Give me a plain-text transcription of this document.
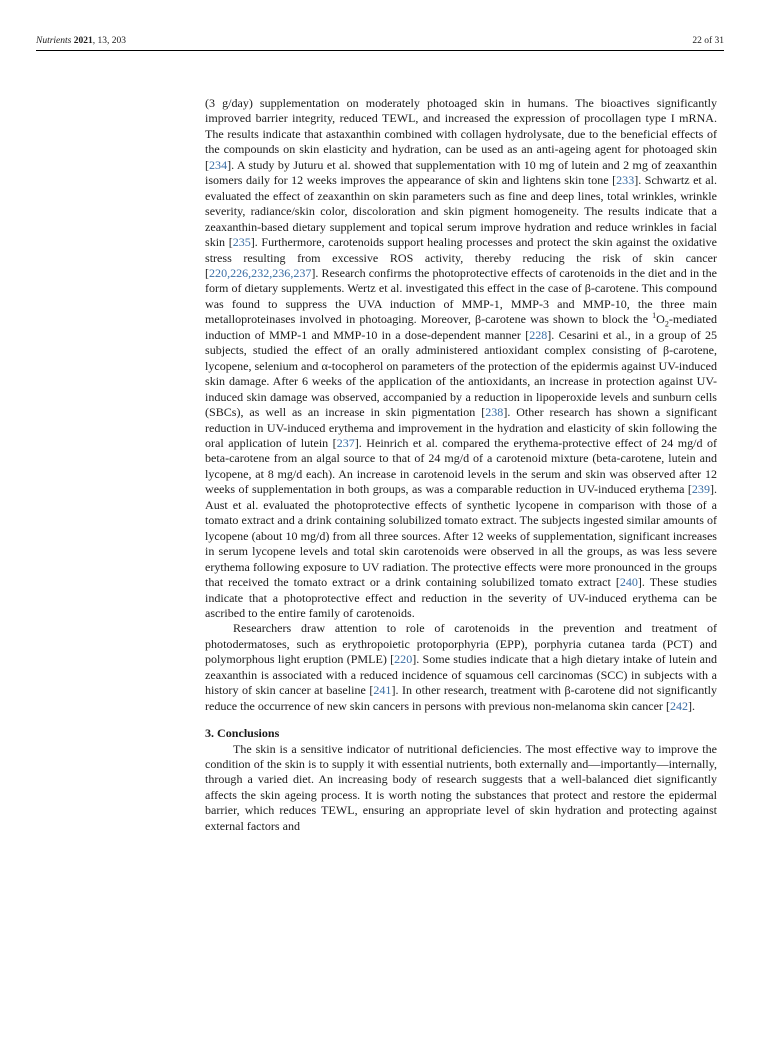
Nutrients 2021, 13, 203	22 of 31

(3 g/day) supplementation on moderately photoaged skin in humans. The bioactives significantly improved barrier integrity, reduced TEWL, and increased the expression of procollagen type I mRNA. The results indicate that astaxanthin combined with collagen hydrolysate, due to the beneficial effects of the compounds on skin elasticity and hydration, can be used as an anti-ageing agent for photoaged skin [234]. A study by Juturu et al. showed that supplementation with 10 mg of lutein and 2 mg of zeaxanthin isomers daily for 12 weeks improves the appearance of skin and lightens skin tone [233]. Schwartz et al. evaluated the effect of zeaxanthin on skin parameters such as fine and deep lines, total wrinkles, wrinkle severity, radiance/skin color, discoloration and skin pigment homogeneity. The results indicate that a zeaxanthin-based dietary supplement and topical serum improve hydration and reduce wrinkles in facial skin [235]. Furthermore, carotenoids support healing processes and protect the skin against the oxidative stress resulting from excessive ROS activity, thereby reducing the risk of skin cancer [220,226,232,236,237]. Research confirms the photoprotective effects of carotenoids in the diet and in the form of dietary supplements. Wertz et al. investigated this effect in the case of β-carotene. This compound was found to suppress the UVA induction of MMP-1, MMP-3 and MMP-10, the three main metalloproteinases involved in photoaging. Moreover, β-carotene was shown to block the $^1O_2$-mediated induction of MMP-1 and MMP-10 in a dose-dependent manner [228]. Cesarini et al., in a group of 25 subjects, studied the effect of an orally administered antioxidant complex consisting of β-carotene, lycopene, selenium and α-tocopherol on parameters of the protection of the epidermis against UV-induced skin damage. After 6 weeks of the application of the antioxidants, an increase in protection against UV-induced skin damage was observed, accompanied by a reduction in lipoperoxide levels and sunburn cells (SBCs), as well as an increase in skin pigmentation [238]. Other research has shown a significant reduction in UV-induced erythema and improvement in the hydration and elasticity of skin following the oral application of lutein [237]. Heinrich et al. compared the erythema-protective effect of 24 mg/d of beta-carotene from an algal source to that of 24 mg/d of a carotenoid mixture (beta-carotene, lutein and lycopene, at 8 mg/d each). An increase in carotenoid levels in the serum and skin was observed after 12 weeks of supplementation in both groups, as was a comparable reduction in UV-induced erythema [239]. Aust et al. evaluated the photoprotective effects of synthetic lycopene in comparison with those of a tomato extract and a drink containing solubilized tomato extract. The subjects ingested similar amounts of lycopene (about 10 mg/d) from all three sources. After 12 weeks of supplementation, significant increases in serum lycopene levels and total skin carotenoids were observed in all the groups, as was less severe erythema following exposure to UV radiation. The protective effects were more pronounced in the groups that received the tomato extract or a drink containing solubilized tomato extract [240]. These studies indicate that a photoprotective effect and reduction in the severity of UV-induced erythema can be ascribed to the entire family of carotenoids.

Researchers draw attention to role of carotenoids in the prevention and treatment of photodermatoses, such as erythropoietic protoporphyria (EPP), porphyria cutanea tarda (PCT) and polymorphous light eruption (PMLE) [220]. Some studies indicate that a high dietary intake of lutein and zeaxanthin is associated with a reduced incidence of squamous cell carcinomas (SCC) in subjects with a history of skin cancer at baseline [241]. In other research, treatment with β-carotene did not significantly reduce the occurrence of new skin cancers in persons with previous non-melanoma skin cancer [242].

3. Conclusions

The skin is a sensitive indicator of nutritional deficiencies. The most effective way to improve the condition of the skin is to supply it with essential nutrients, both externally and—importantly—internally, through a varied diet. An increasing body of research suggests that a well-balanced diet significantly affects the skin ageing process. It is worth noting the substances that protect and restore the epidermal barrier, which reduces TEWL, ensuring an appropriate level of skin hydration and protecting against external factors and
